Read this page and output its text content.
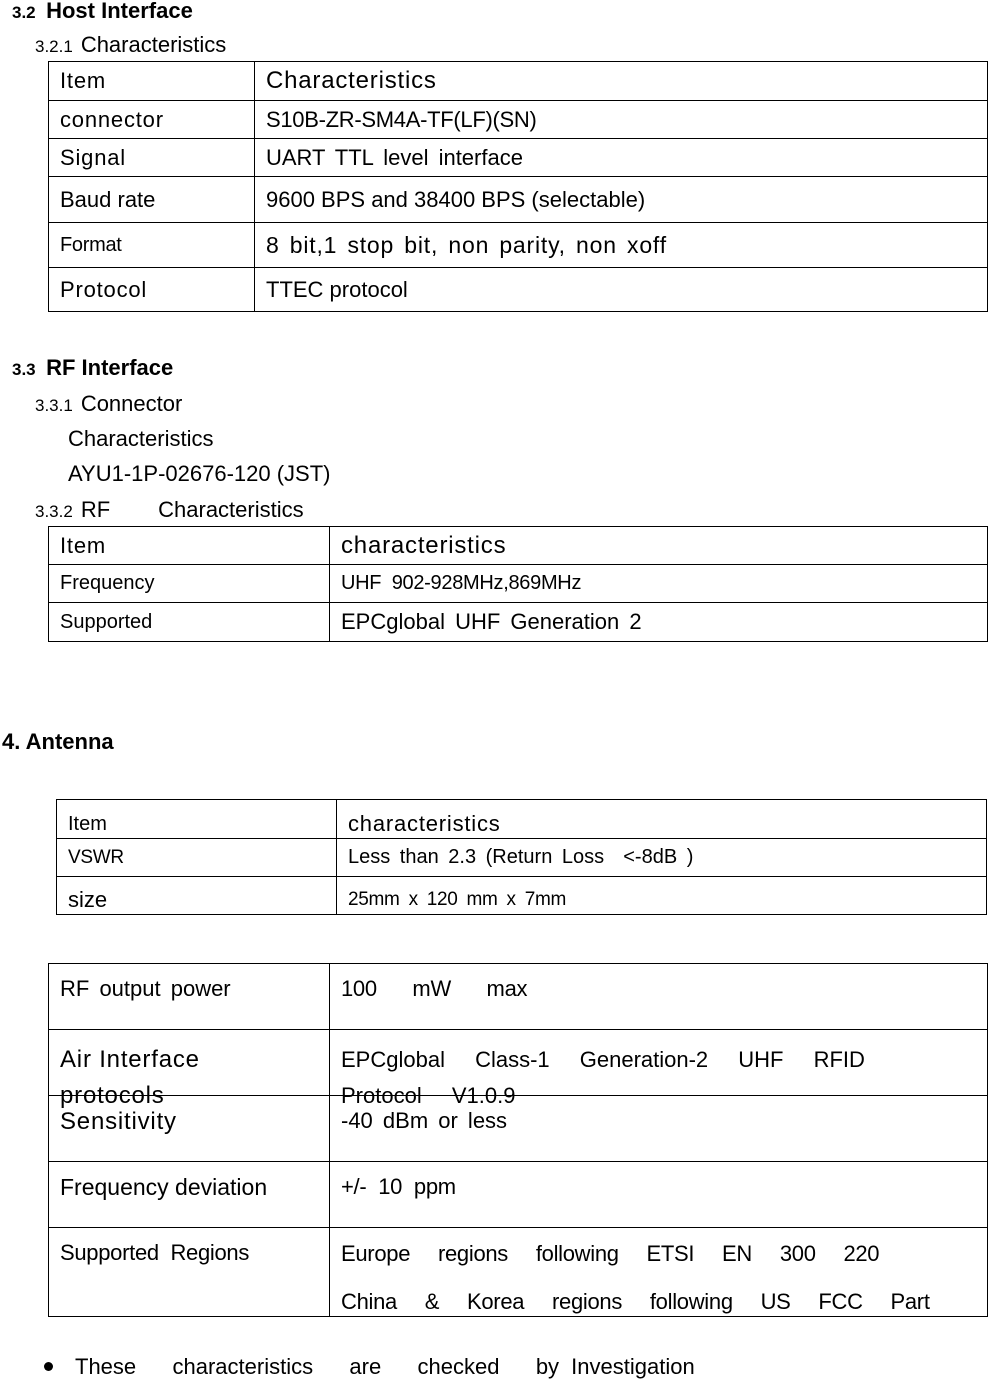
3.2 Host Interface
3.2.1 Characteristics
Item	Characteristics
connector	S10B-ZR-SM4A-TF(LF)(SN)
Signal	UART TTL level interface
Baud rate	9600 BPS and 38400 BPS (selectable)
Format	8 bit,1 stop bit, non parity, non xoff
Protocol	TTEC protocol
3.3 RF Interface
3.3.1 Connector
Characteristics
AYU1-1P-02676-120 (JST)
3.3.2 RF Characteristics
Item	characteristics
Frequency	UHF  902-928MHz,869MHz
Supported	EPCglobal UHF Generation 2
4. Antenna
Item	characteristics
VSWR	Less than 2.3 (Return Loss  <-8dB )
size	25mm x 120 mm x 7mm
RF output power	100  mW  max

Air Interface protocols	EPCglobal Class-1 Generation-2 UHF RFID Protocol V1.0.9

Sensitivity	-40 dBm or less
Frequency deviation	+/- 10 ppm
Supported  Regions	Europe regions following ETSI EN 300 220
China & Korea regions following US FCC Part
These   characteristics   are   checked   by Investigation
